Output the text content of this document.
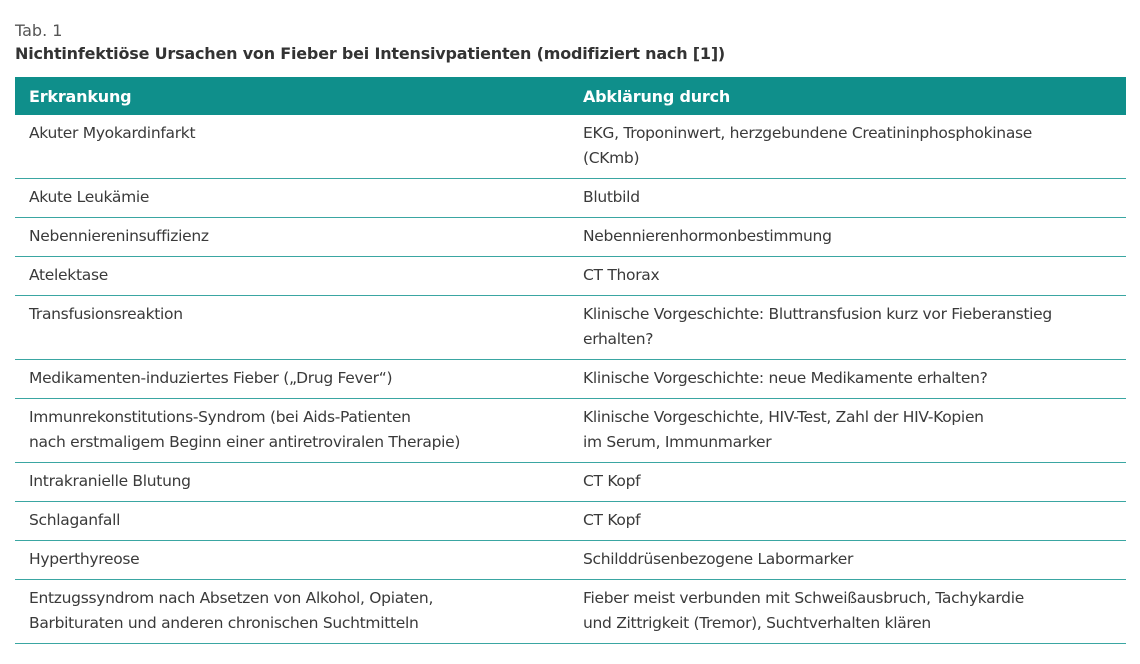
Tab. 1
Nichtinfektiöse Ursachen von Fieber bei Intensivpatienten (modifiziert nach [1])
Erkrankung	Abklärung durch
Akuter Myokardinfarkt	EKG, Troponinwert, herzgebundene Creatininphosphokinase
(CKmb)
Akute Leukämie	Blutbild
Nebenniereninsuffizienz	Nebennierenhormonbestimmung
Atelektase	CT Thorax
Transfusionsreaktion	Klinische Vorgeschichte: Bluttransfusion kurz vor Fieberanstieg
erhalten?
Medikamenten-induziertes Fieber („Drug Fever“)	Klinische Vorgeschichte: neue Medikamente erhalten?
Immunrekonstitutions-Syndrom (bei Aids-Patienten
nach erstmaligem Beginn einer antiretroviralen Therapie)	Klinische Vorgeschichte, HIV-Test, Zahl der HIV-Kopien
im Serum, Immunmarker
Intrakranielle Blutung	CT Kopf
Schlaganfall	CT Kopf
Hyperthyreose	Schilddrüsenbezogene Labormarker
Entzugssyndrom nach Absetzen von Alkohol, Opiaten,
Barbituraten und anderen chronischen Suchtmitteln	Fieber meist verbunden mit Schweißausbruch, Tachykardie
und Zittrigkeit (Tremor), Suchtverhalten klären
